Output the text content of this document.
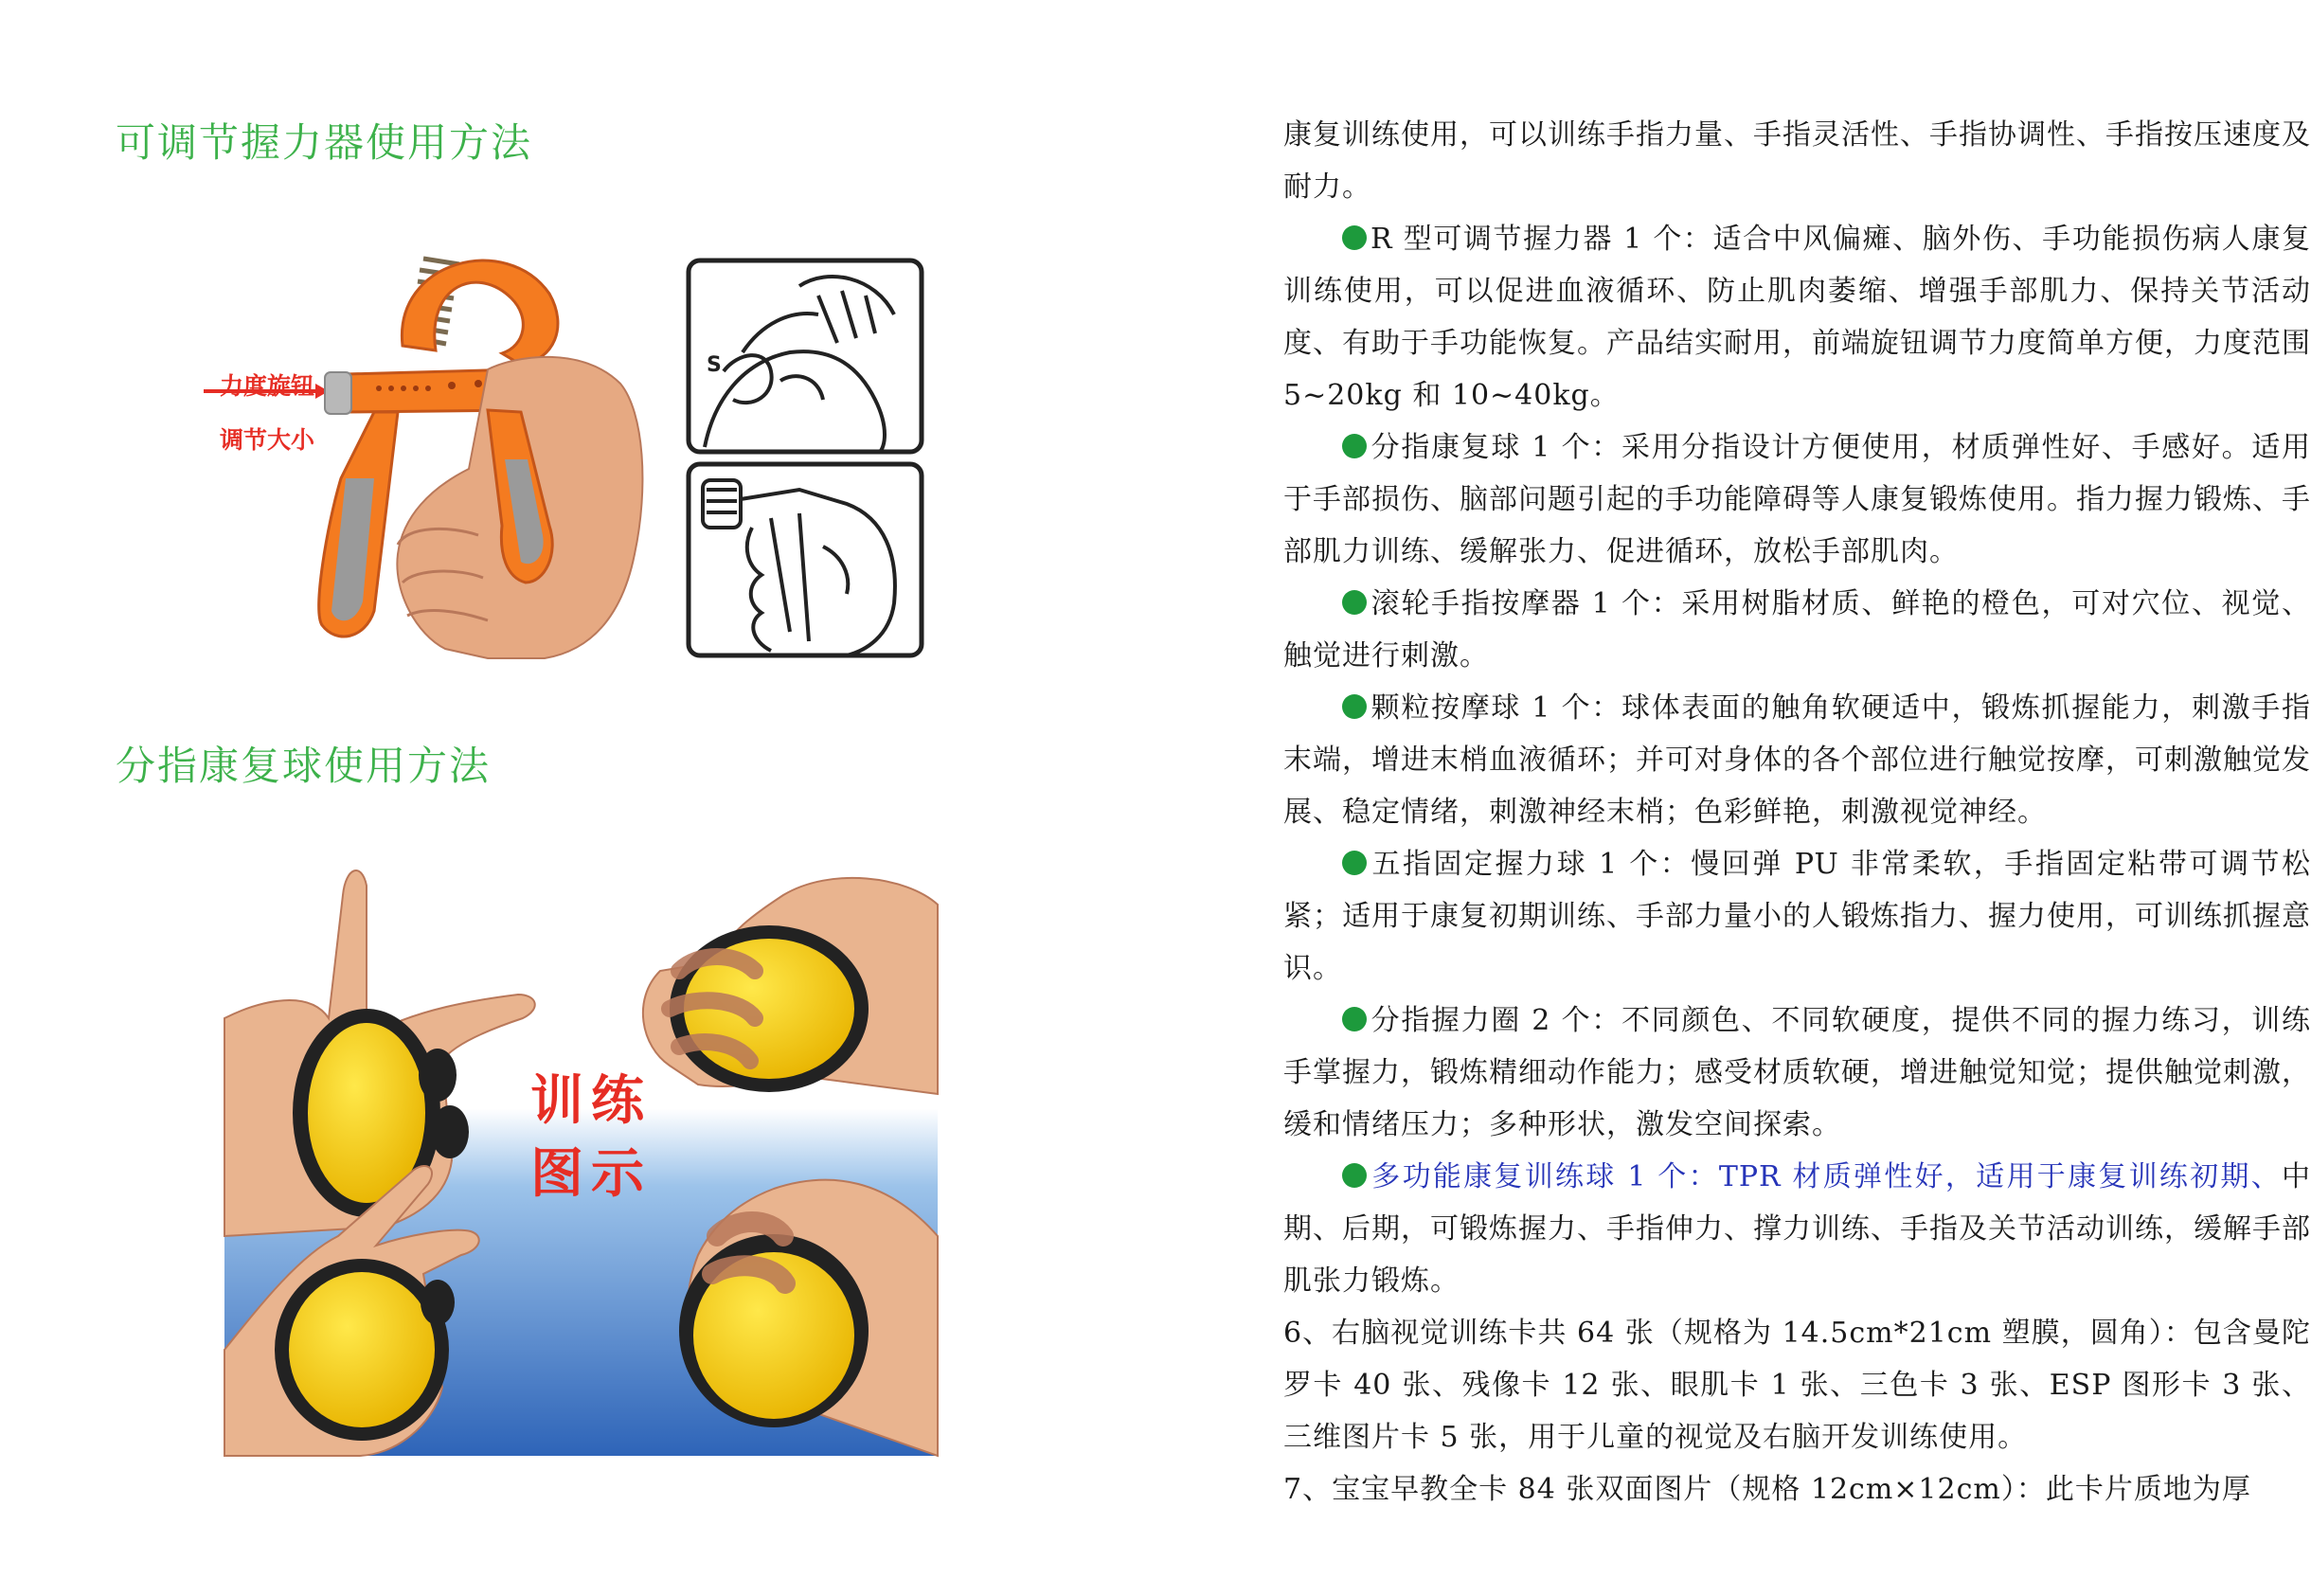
可调节握力器使用方法
力度旋钮
调节大小
S
分指康复球使用方法
训练
图示

康复训练使用，可以训练手指力量、手指灵活性、手指协调性、手指按压速度及耐力。

R 型可调节握力器 1 个：适合中风偏瘫、脑外伤、手功能损伤病人康复训练使用，可以促进血液循环、防止肌肉萎缩、增强手部肌力、保持关节活动度、有助于手功能恢复。产品结实耐用，前端旋钮调节力度简单方便，力度范围 5~20kg 和 10~40kg。

分指康复球 1 个：采用分指设计方便使用，材质弹性好、手感好。适用于手部损伤、脑部问题引起的手功能障碍等人康复锻炼使用。指力握力锻炼、手部肌力训练、缓解张力、促进循环，放松手部肌肉。

滚轮手指按摩器 1 个：采用树脂材质、鲜艳的橙色，可对穴位、视觉、触觉进行刺激。

颗粒按摩球 1 个：球体表面的触角软硬适中，锻炼抓握能力，刺激手指末端，增进末梢血液循环；并可对身体的各个部位进行触觉按摩，可刺激触觉发展、稳定情绪，刺激神经末梢；色彩鲜艳，刺激视觉神经。

五指固定握力球 1 个：慢回弹 PU 非常柔软，手指固定粘带可调节松紧；适用于康复初期训练、手部力量小的人锻炼指力、握力使用，可训练抓握意识。

分指握力圈 2 个：不同颜色、不同软硬度，提供不同的握力练习，训练手掌握力，锻炼精细动作能力；感受材质软硬，增进触觉知觉；提供触觉刺激，缓和情绪压力；多种形状，激发空间探索。

多功能康复训练球 1 个：TPR 材质弹性好，适用于康复训练初期、中期、后期，可锻炼握力、手指伸力、撑力训练、手指及关节活动训练，缓解手部肌张力锻炼。

6、右脑视觉训练卡共 64 张（规格为 14.5cm*21cm 塑膜，圆角）：包含曼陀罗卡 40 张、残像卡 12 张、眼肌卡 1 张、三色卡 3 张、ESP 图形卡 3 张、三维图片卡 5 张，用于儿童的视觉及右脑开发训练使用。

7、宝宝早教全卡 84 张双面图片（规格 12cm×12cm）：此卡片质地为厚
